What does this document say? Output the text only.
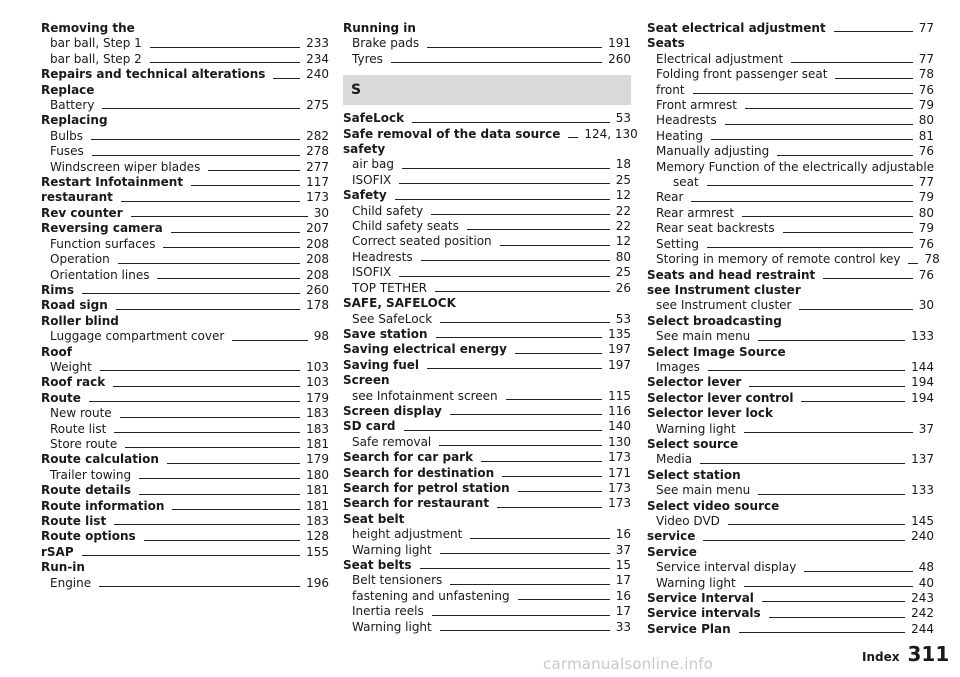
Removing the
bar ball, Step 1	233
bar ball, Step 2	234
Repairs and technical alterations	240
Replace
Battery	275
Replacing
Bulbs	282
Fuses	278
Windscreen wiper blades	277
Restart Infotainment	117
restaurant	173
Rev counter	30
Reversing camera	207
Function surfaces	208
Operation	208
Orientation lines	208
Rims	260
Road sign	178
Roller blind
Luggage compartment cover	98
Roof
Weight	103
Roof rack	103
Route	179
New route	183
Route list	183
Store route	181
Route calculation	179
Trailer towing	180
Route details	181
Route information	181
Route list	183
Route options	128
rSAP	155
Run-in
Engine	196
Running in
Brake pads	191
Tyres	260
S
SafeLock	53
Safe removal of the data source 124, 130
safety
air bag	18
ISOFIX	25
Safety	12
Child safety	22
Child safety seats	22
Correct seated position	12
Headrests	80
ISOFIX	25
TOP TETHER	26
SAFE, SAFELOCK
See SafeLock	53
Save station	135
Saving electrical energy	197
Saving fuel	197
Screen
see Infotainment screen	115
Screen display	116
SD card	140
Safe removal	130
Search for car park	173
Search for destination	171
Search for petrol station	173
Search for restaurant	173
Seat belt
height adjustment	16
Warning light	37
Seat belts	15
Belt tensioners	17
fastening and unfastening	16
Inertia reels	17
Warning light	33
Seat electrical adjustment	77
Seats
Electrical adjustment	77
Folding front passenger seat	78
front	76
Front armrest	79
Headrests	80
Heating	81
Manually adjusting	76
Memory Function of the electrically adjustable
seat	77
Rear	79
Rear armrest	80
Rear seat backrests	79
Setting	76
Storing in memory of remote control key 78
Seats and head restraint	76
see Instrument cluster
see Instrument cluster	30
Select broadcasting
See main menu	133
Select Image Source
Images	144
Selector lever	194
Selector lever control	194
Selector lever lock
Warning light	37
Select source
Media	137
Select station
See main menu	133
Select video source
Video DVD	145
service	240
Service
Service interval display	48
Warning light	40
Service Interval	243
Service intervals	242
Service Plan	244
Index 311
carmanualsonline.info
